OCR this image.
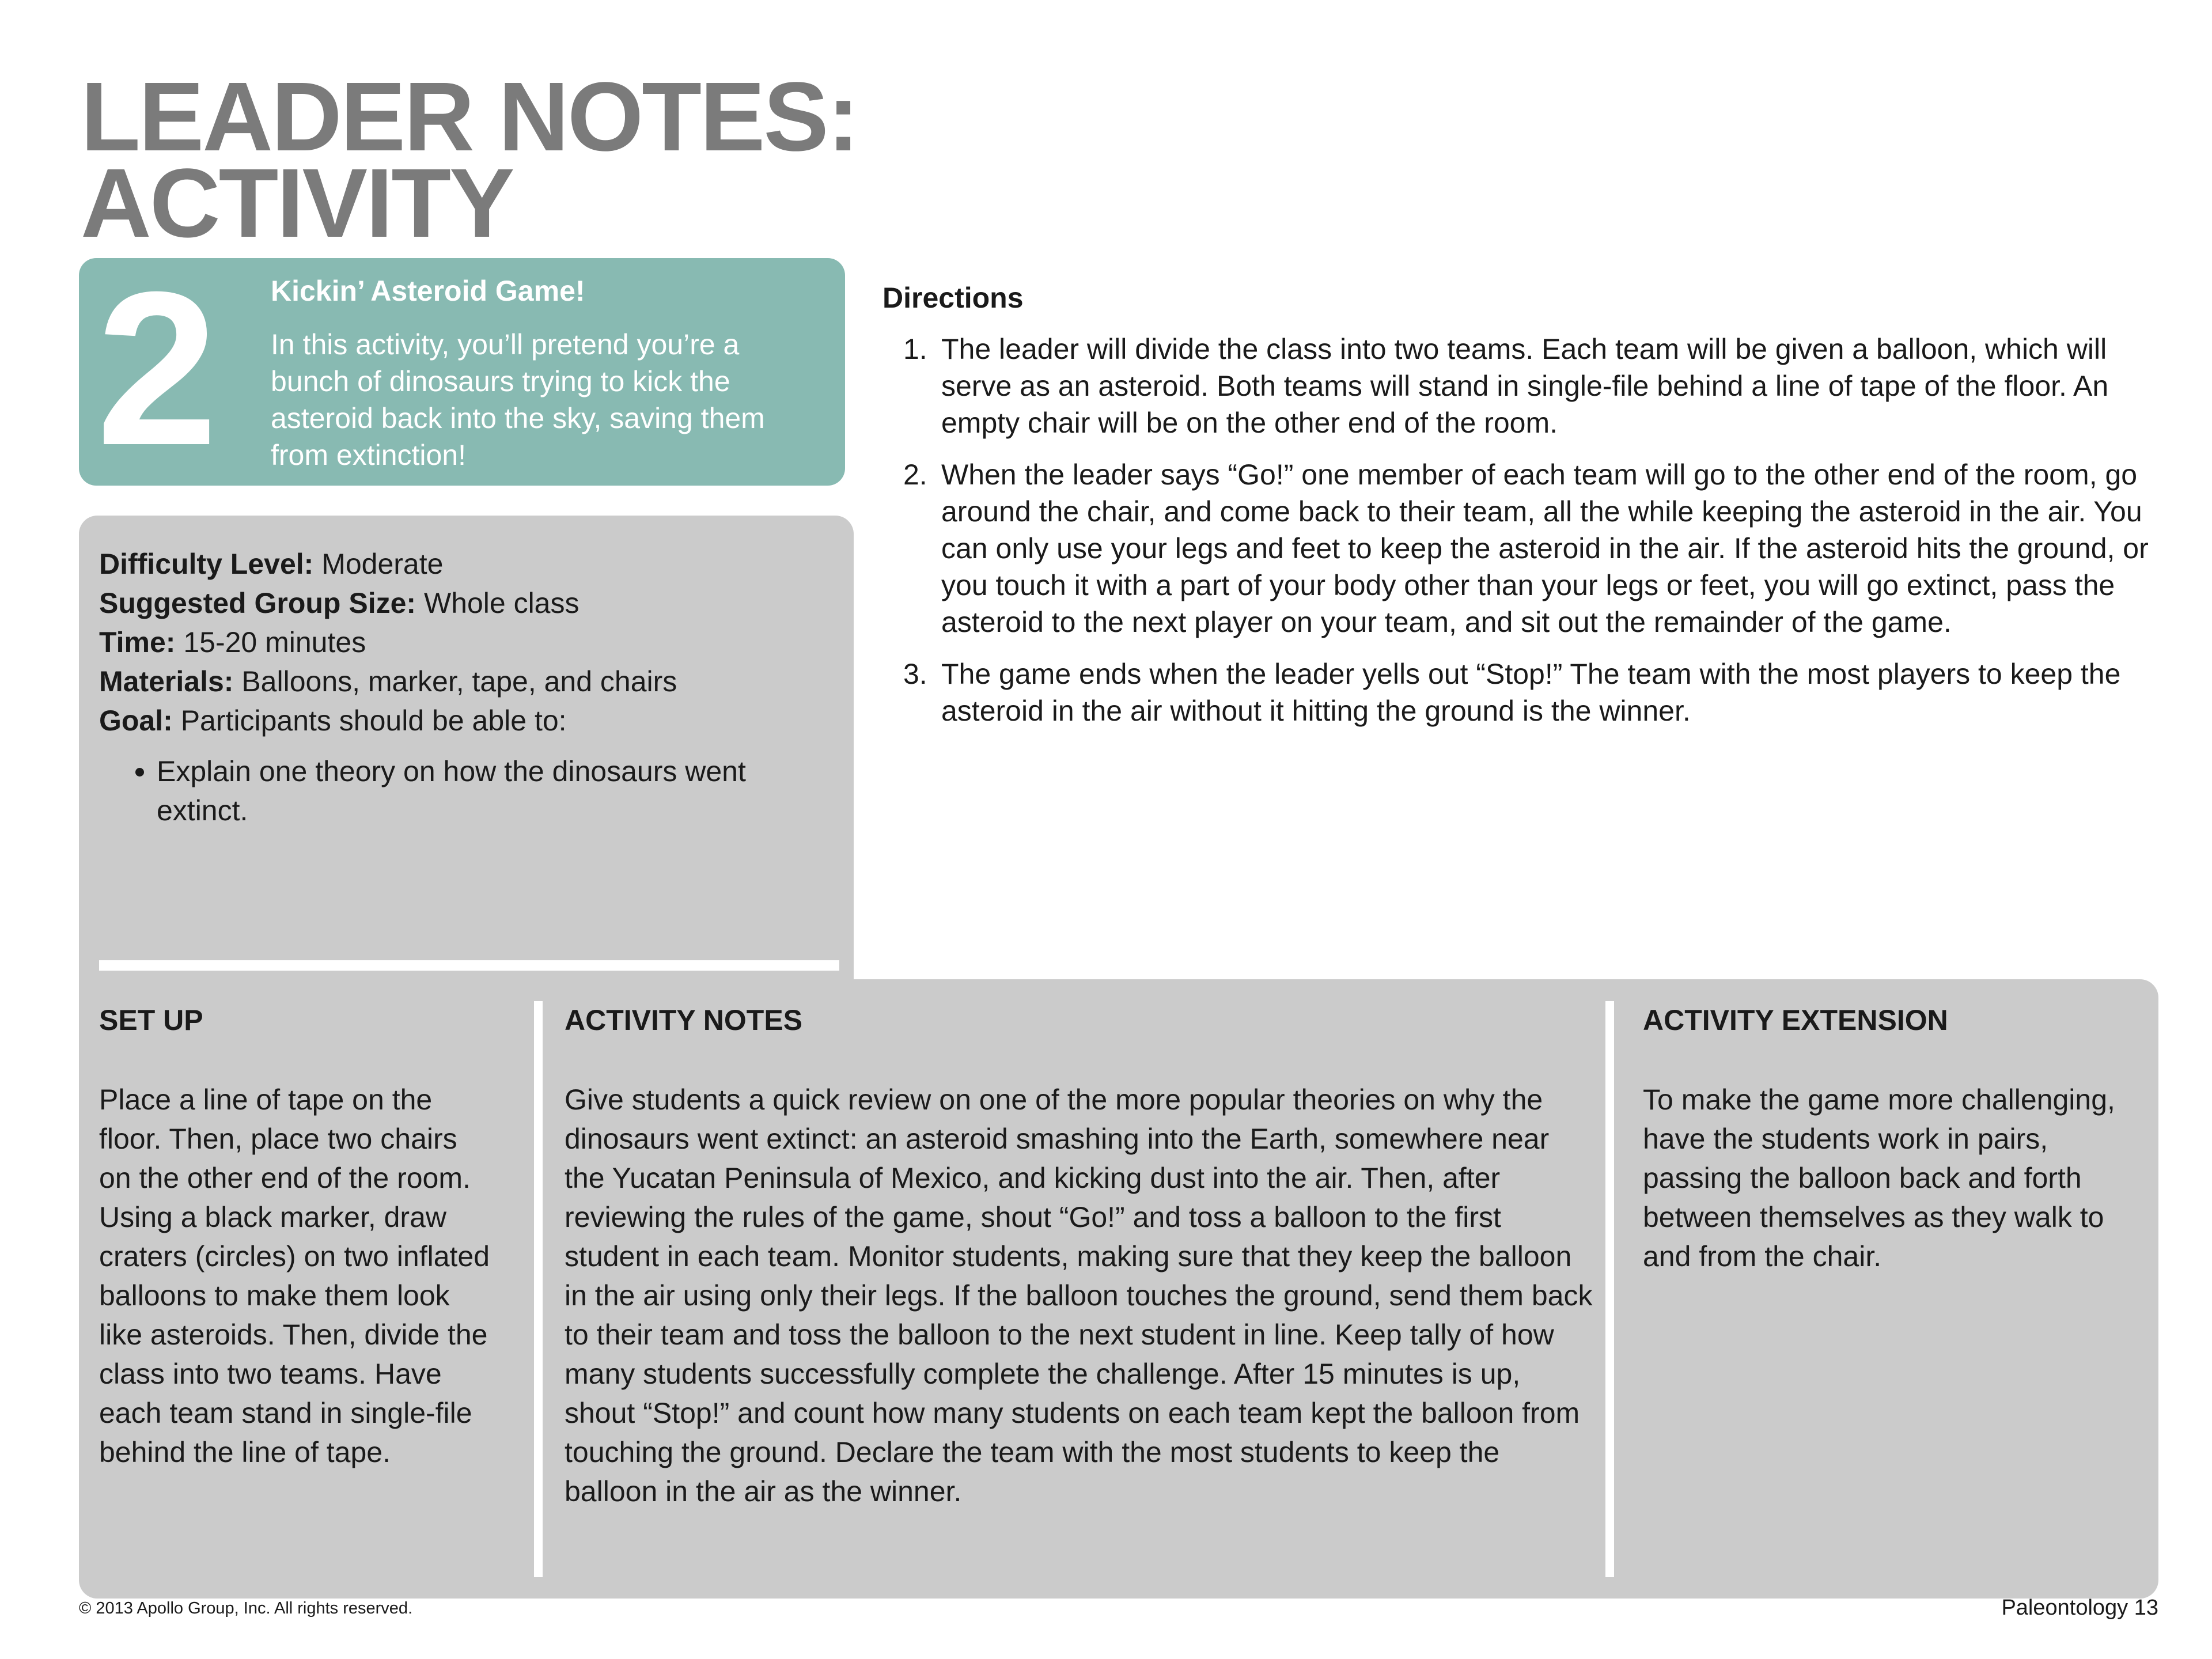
LEADER NOTES:
ACTIVITY
2 Kickin’ Asteroid Game!

In this activity, you’ll pretend you’re a bunch of dinosaurs trying to kick the asteroid back into the sky, saving them from extinction!

Difficulty Level: Moderate

Suggested Group Size: Whole class

Time: 15-20 minutes

Materials: Balloons, marker, tape, and chairs

Goal: Participants should be able to:

• Explain one theory on how the dinosaurs went extinct.
Directions
1. The leader will divide the class into two teams. Each team will be given a balloon, which will serve as an asteroid. Both teams will stand in single-file behind a line of tape of the floor. An empty chair will be on the other end of the room.
2. When the leader says “Go!” one member of each team will go to the other end of the room, go around the chair, and come back to their team, all the while keeping the asteroid in the air. You can only use your legs and feet to keep the asteroid in the air. If the asteroid hits the ground, or you touch it with a part of your body other than your legs or feet, you will go extinct, pass the asteroid to the next player on your team, and sit out the remainder of the game.
3. The game ends when the leader yells out “Stop!” The team with the most players to keep the asteroid in the air without it hitting the ground is the winner.
SET UP

Place a line of tape on the floor. Then, place two chairs on the other end of the room. Using a black marker, draw craters (circles) on two inflated balloons to make them look like asteroids. Then, divide the class into two teams. Have each team stand in single-file behind the line of tape.

ACTIVITY NOTES

Give students a quick review on one of the more popular theories on why the dinosaurs went extinct: an asteroid smashing into the Earth, somewhere near the Yucatan Peninsula of Mexico, and kicking dust into the air. Then, after reviewing the rules of the game, shout “Go!” and toss a balloon to the first student in each team. Monitor students, making sure that they keep the balloon in the air using only their legs. If the balloon touches the ground, send them back to their team and toss the balloon to the next student in line. Keep tally of how many students successfully complete the challenge. After 15 minutes is up, shout “Stop!” and count how many students on each team kept the balloon from touching the ground. Declare the team with the most students to keep the balloon in the air as the winner.

ACTIVITY EXTENSION

To make the game more challenging, have the students work in pairs, passing the balloon back and forth between themselves as they walk to and from the chair.

© 2013 Apollo Group, Inc. All rights reserved.	Paleontology 13
